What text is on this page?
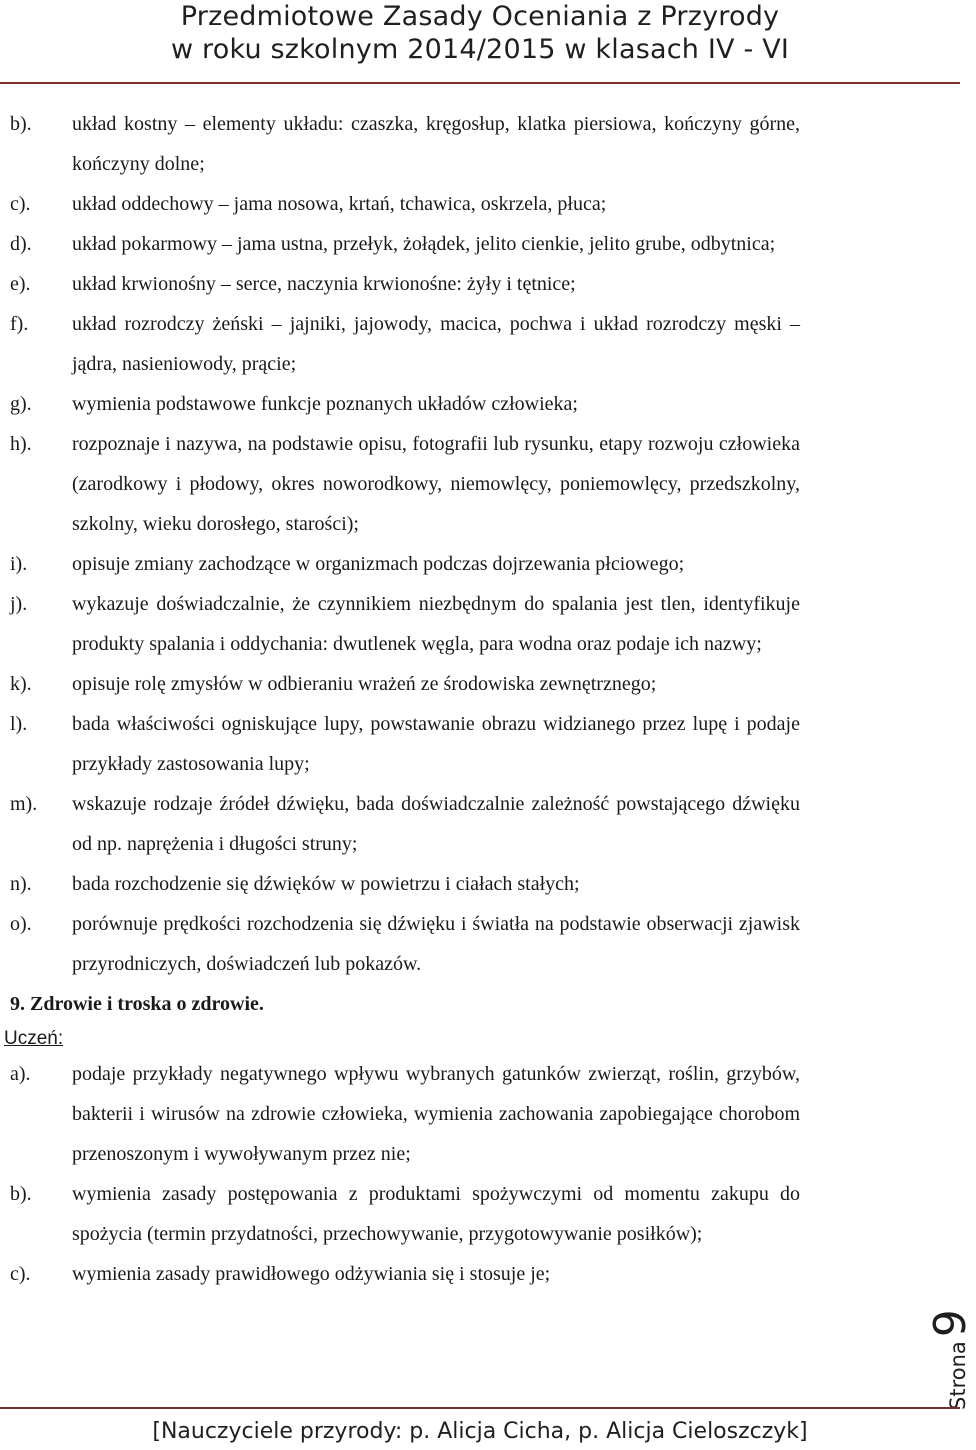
Przedmiotowe Zasady Oceniania z Przyrody
w roku szkolnym 2014/2015 w klasach IV - VI
b). układ kostny – elementy układu: czaszka, kręgosłup, klatka piersiowa, kończyny górne, kończyny dolne;
c). układ oddechowy – jama nosowa, krtań, tchawica, oskrzela, płuca;
d). układ pokarmowy – jama ustna, przełyk, żołądek, jelito cienkie, jelito grube, odbytnica;
e). układ krwionośny – serce, naczynia krwionośne: żyły i tętnice;
f). układ rozrodczy żeński – jajniki, jajowody, macica, pochwa i układ rozrodczy męski – jądra, nasieniowody, prącie;
g). wymienia podstawowe funkcje poznanych układów człowieka;
h). rozpoznaje i nazywa, na podstawie opisu, fotografii lub rysunku, etapy rozwoju człowieka (zarodkowy i płodowy, okres noworodkowy, niemowlęcy, poniemowlęcy, przedszkolny, szkolny, wieku dorosłego, starości);
i). opisuje zmiany zachodzące w organizmach podczas dojrzewania płciowego;
j). wykazuje doświadczalnie, że czynnikiem niezbędnym do spalania jest tlen, identyfikuje produkty spalania i oddychania: dwutlenek węgla, para wodna oraz podaje ich nazwy;
k). opisuje rolę zmysłów w odbieraniu wrażeń ze środowiska zewnętrznego;
l). bada właściwości ogniskujące lupy, powstawanie obrazu widzianego przez lupę i podaje przykłady zastosowania lupy;
m). wskazuje rodzaje źródeł dźwięku, bada doświadczalnie zależność powstającego dźwięku od np. naprężenia i długości struny;
n). bada rozchodzenie się dźwięków w powietrzu i ciałach stałych;
o). porównuje prędkości rozchodzenia się dźwięku i światła na podstawie obserwacji zjawisk przyrodniczych, doświadczeń lub pokazów.
9. Zdrowie i troska o zdrowie.
Uczeń:
a). podaje przykłady negatywnego wpływu wybranych gatunków zwierząt, roślin, grzybów, bakterii i wirusów na zdrowie człowieka, wymienia zachowania zapobiegające chorobom przenoszonym i wywoływanym przez nie;
b). wymienia zasady postępowania z produktami spożywczymi od momentu zakupu do spożycia (termin przydatności, przechowywanie, przygotowywanie posiłków);
c). wymienia zasady prawidłowego odżywiania się i stosuje je;
Strona9
[Nauczyciele przyrody: p. Alicja Cicha, p. Alicja Cieloszczyk]
